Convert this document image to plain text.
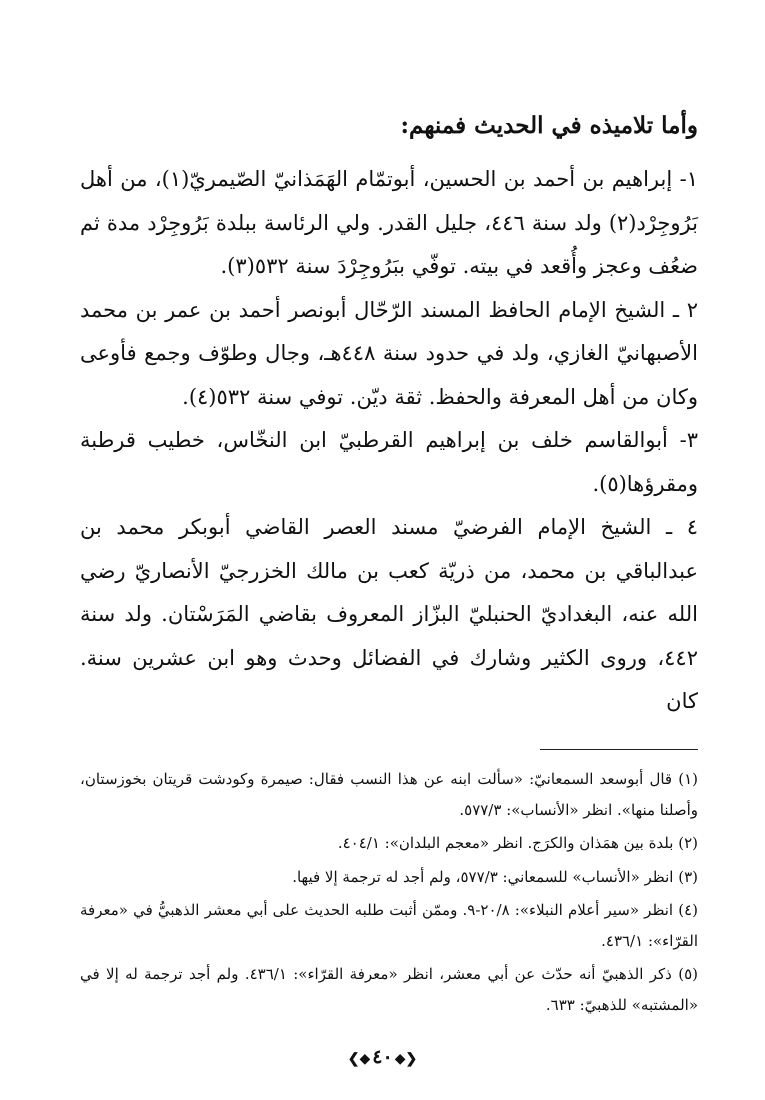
وأما تلاميذه في الحديث فمنهم:

١- إبراهيم بن أحمد بن الحسين، أبوتمّام الهَمَذانيّ الصّيمريّ(١)، من أهل بَرُوجِرْد(٢) ولد سنة ٤٤٦، جليل القدر. ولي الرئاسة ببلدة بَرُوجِرْد مدة ثم ضعُف وعجز وأُقعد في بيته. توفّي ببَرُوجِرْدَ سنة ٥٣٢(٣).

٢ ـ الشيخ الإمام الحافظ المسند الرّحّال أبونصر أحمد بن عمر بن محمد الأصبهانيّ الغازي، ولد في حدود سنة ٤٤٨هـ، وجال وطوّف وجمع فأوعى وكان من أهل المعرفة والحفظ. ثقة ديّن. توفي سنة ٥٣٢(٤).

٣- أبوالقاسم خلف بن إبراهيم القرطبيّ ابن النخّاس، خطيب قرطبة ومقرؤها(٥).

٤ ـ الشيخ الإمام الفرضيّ مسند العصر القاضي أبوبكر محمد بن عبدالباقي بن محمد، من ذريّة كعب بن مالك الخزرجيّ الأنصاريّ رضي الله عنه، البغداديّ الحنبليّ البزّاز المعروف بقاضي المَرَسْتان. ولد سنة ٤٤٢، وروى الكثير وشارك في الفضائل وحدث وهو ابن عشرين سنة. كان

(١) قال أبوسعد السمعانيّ: «سألت ابنه عن هذا النسب فقال: صيمرة وكودشت قريتان بخوزستان، وأصلنا منها». انظر «الأنساب»: ٥٧٧/٣.

(٢) بلدة بين همَذان والكرَج. انظر «معجم البلدان»: ٤٠٤/١.

(٣) انظر «الأنساب» للسمعاني: ٥٧٧/٣، ولم أجد له ترجمة إلا فيها.

(٤) انظر «سير أعلام النبلاء»: ٢٠/٨-٩. وممّن أثبت طلبه الحديث على أبي معشر الذهبيُّ في «معرفة القرّاء»: ٤٣٦/١.

(٥) ذكر الذهبيّ أنه حدّث عن أبي معشر، انظر «معرفة القرّاء»: ٤٣٦/١. ولم أجد ترجمة له إلا في «المشتبه» للذهبيّ: ٦٣٣.

❮◆٤٠◆❯
